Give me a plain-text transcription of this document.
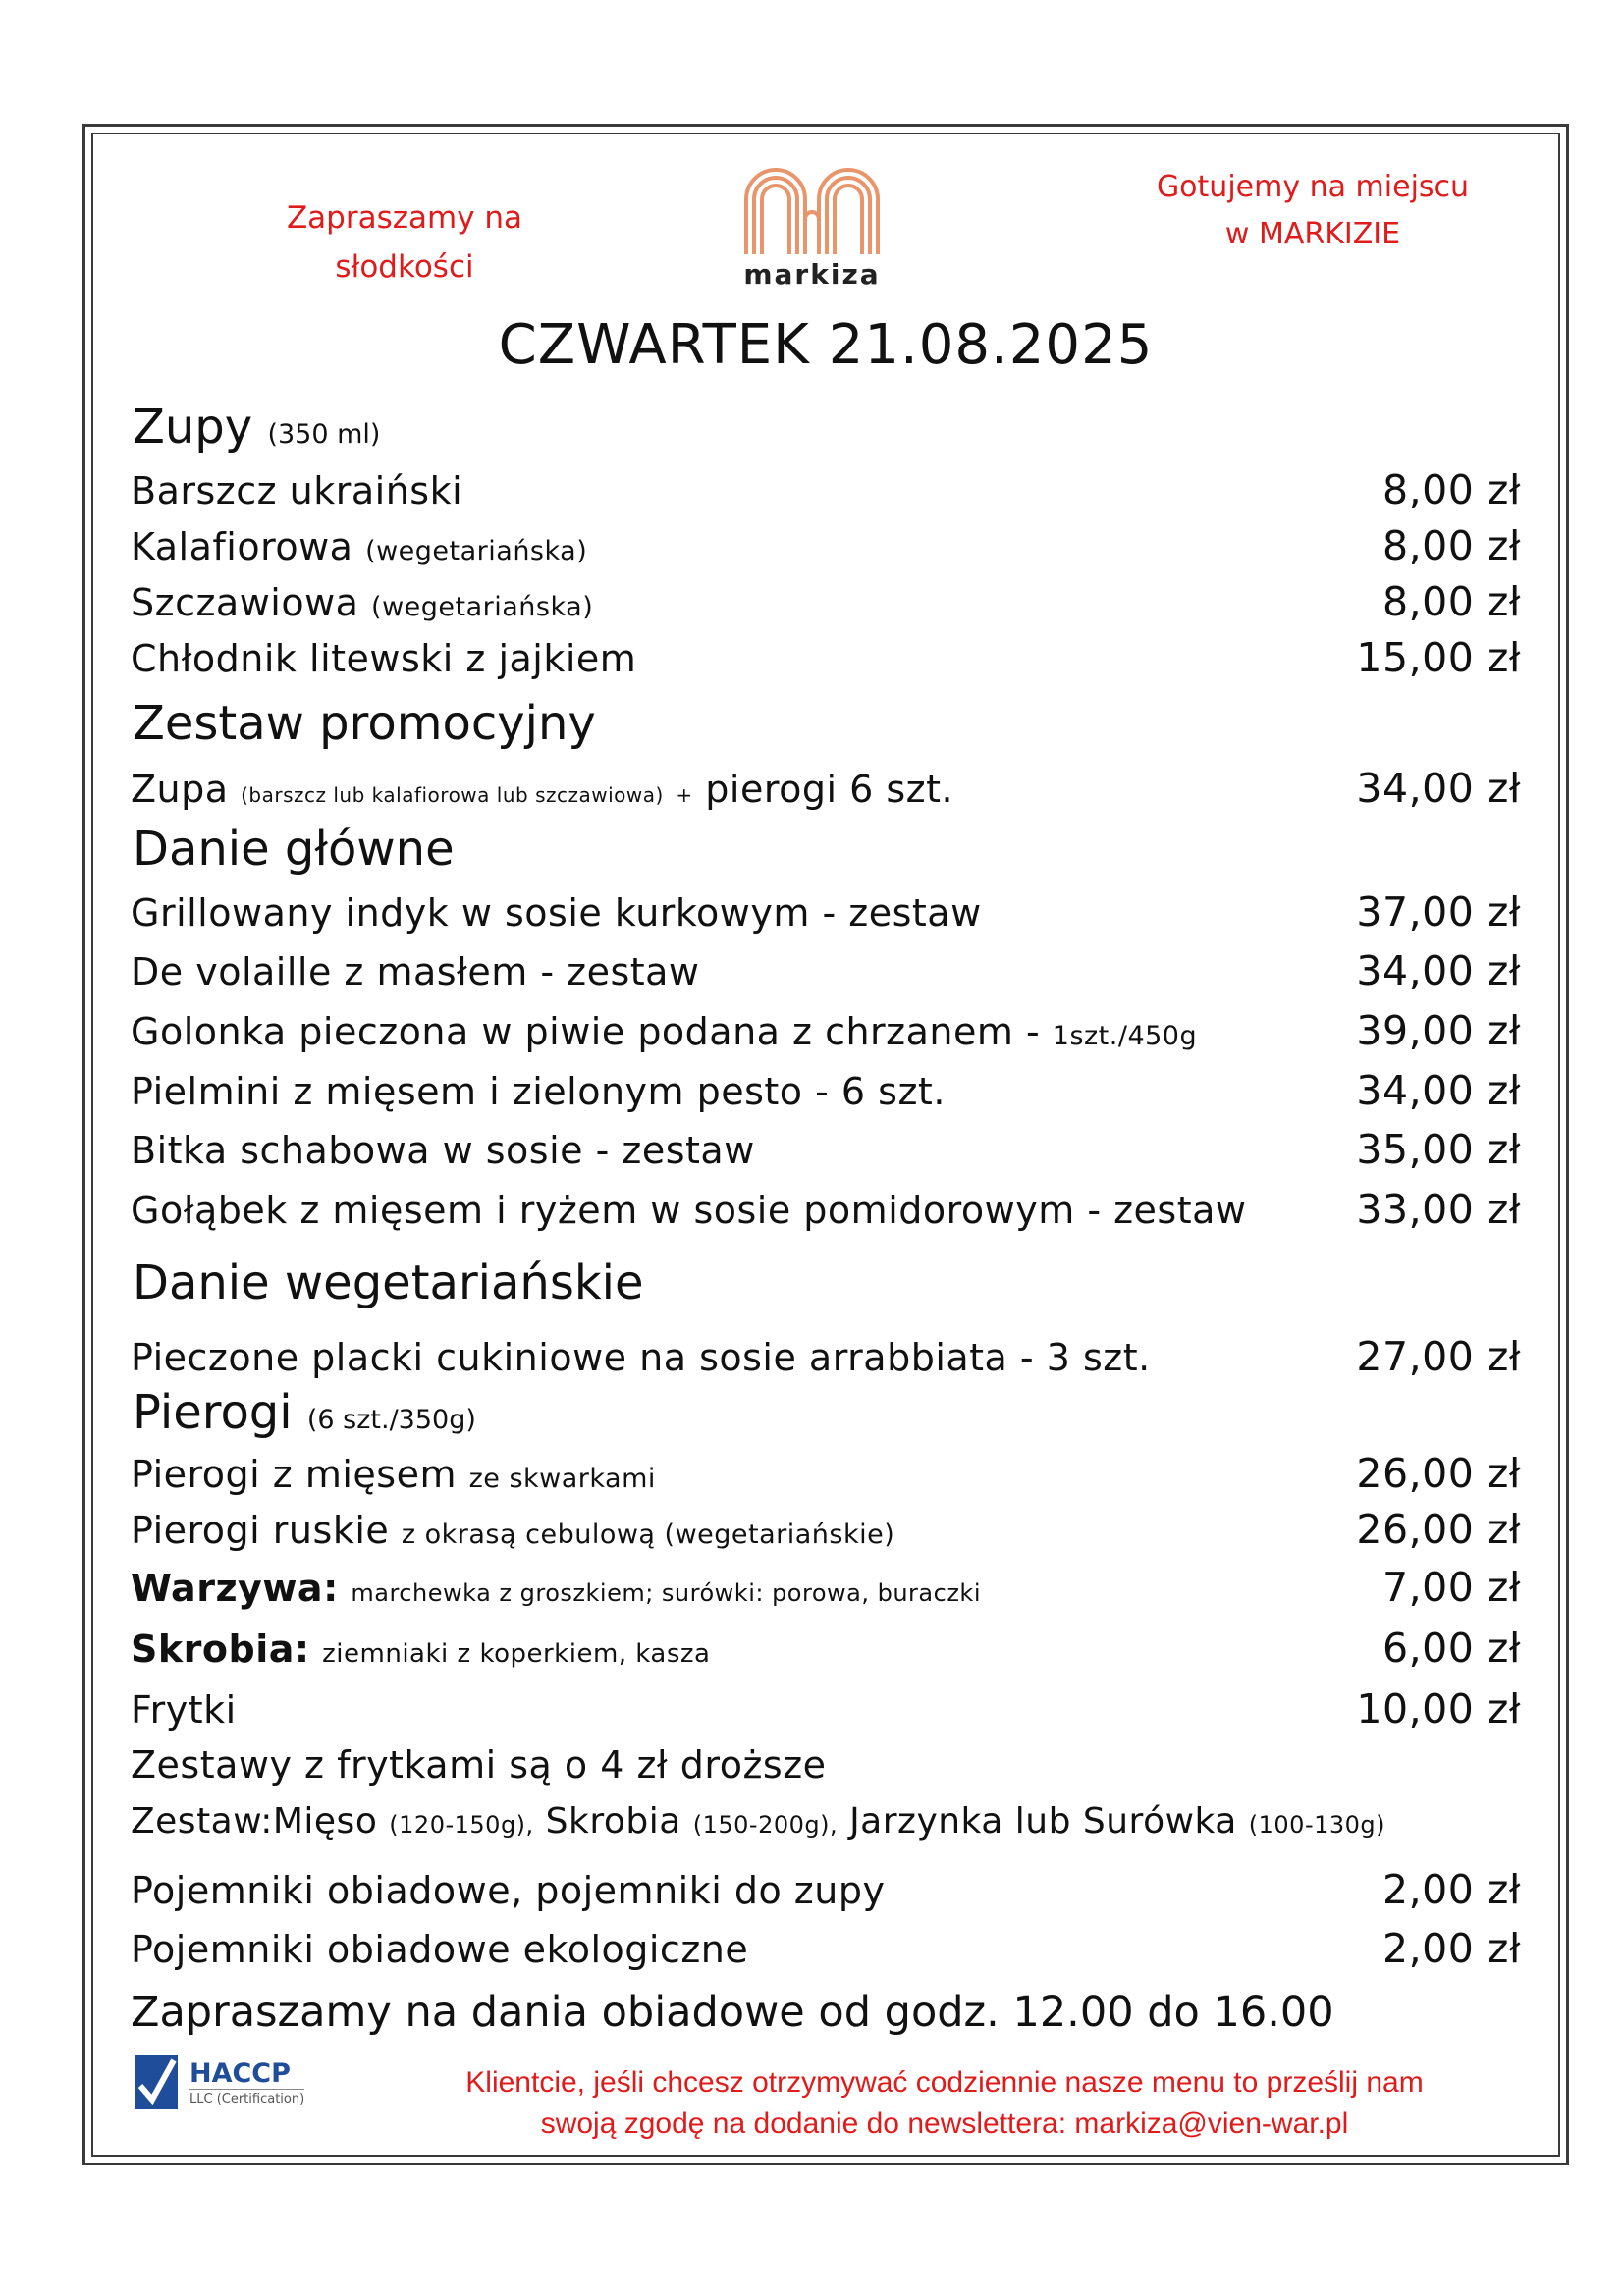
Zapraszamy na słodkości	markiza
Gotujemy na miejscu
w MARKIZIE
CZWARTEK 21.08.2025
Zupy (350 ml)
Barszcz ukraiński	8,00 zł
Kalafiorowa (wegetariańska)	8,00 zł
Szczawiowa (wegetariańska)	8,00 zł
Chłodnik litewski z jajkiem	15,00 zł
Zestaw promocyjny
Zupa (barszcz lub kalafiorowa lub szczawiowa) + pierogi 6 szt.	34,00 zł
Danie główne
Grillowany indyk w sosie kurkowym - zestaw	37,00 zł
De volaille z masłem - zestaw	34,00 zł
Golonka pieczona w piwie podana z chrzanem - 1szt./450g	39,00 zł
Pielmini z mięsem i zielonym pesto - 6 szt.	34,00 zł
Bitka schabowa w sosie - zestaw	35,00 zł
Gołąbek z mięsem i ryżem w sosie pomidorowym - zestaw	33,00 zł
Danie wegetariańskie
Pieczone placki cukiniowe na sosie arrabbiata - 3 szt.	27,00 zł
Pierogi (6 szt./350g)
Pierogi z mięsem ze skwarkami	26,00 zł
Pierogi ruskie z okrasą cebulową (wegetariańskie)	26,00 zł
Warzywa: marchewka z groszkiem; surówki: porowa, buraczki	7,00 zł
Skrobia: ziemniaki z koperkiem, kasza	6,00 zł
Frytki	10,00 zł
Zestawy z frytkami są o 4 zł droższe
Zestaw:Mięso (120-150g), Skrobia (150-200g), Jarzynka lub Surówka (100-130g)
Pojemniki obiadowe, pojemniki do zupy	2,00 zł
Pojemniki obiadowe ekologiczne	2,00 zł
Zapraszamy na dania obiadowe od godz. 12.00 do 16.00
HACCP
LLC (Certification)	Klientcie, jeśli chcesz otrzymywać codziennie nasze menu to prześlij nam
swoją zgodę na dodanie do newslettera: markiza@vien-war.pl
